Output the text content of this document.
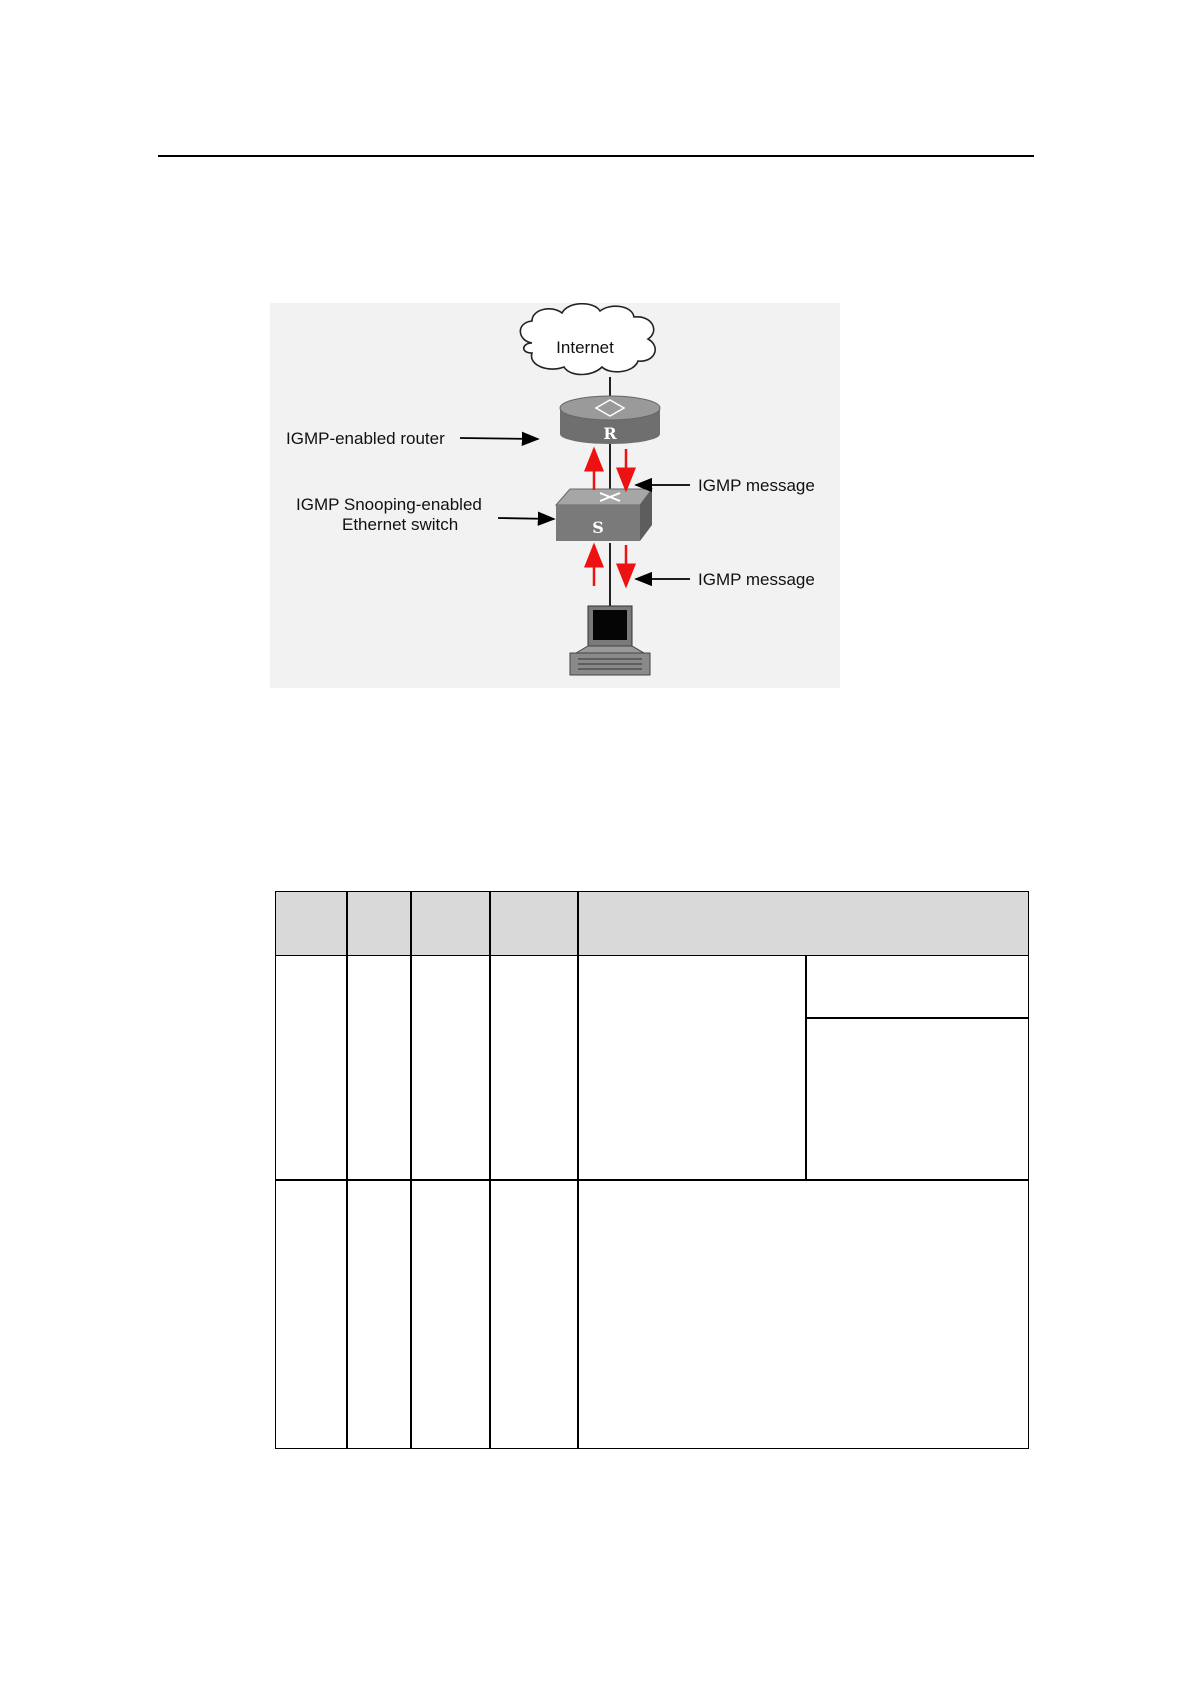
Internet
R
S
IGMP-enabled router
IGMP Snooping-enabled
Ethernet switch
IGMP message
IGMP message
